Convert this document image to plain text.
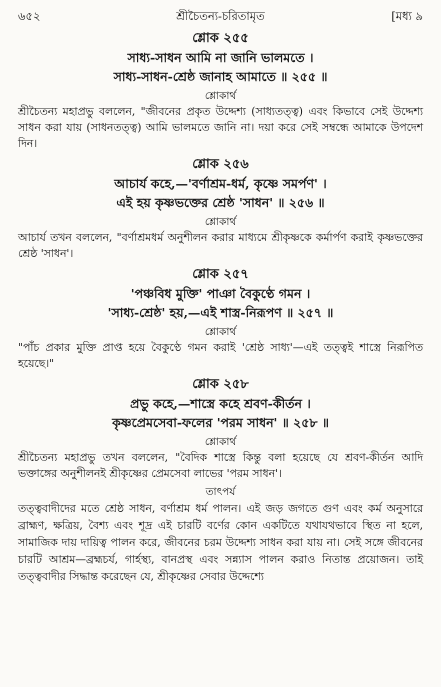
৬৫২	শ্রীচৈতন্য-চরিতামৃত	[মধ্য ৯
শ্লোক ২৫৫
সাধ্য-সাধন আমি না জানি ভালমতে ।
সাধ্য-সাধন-শ্রেষ্ঠ জানাহ আমাতে ॥ ২৫৫ ॥
শ্লোকার্থ

শ্রীচৈতন্য মহাপ্রভু বললেন, "জীবনের প্রকৃত উদ্দেশ্য (সাধ্যতত্ত্ব) এবং কিভাবে সেই উদ্দেশ্য সাধন করা যায় (সাধনতত্ত্ব) আমি ভালমতে জানি না। দয়া করে সেই সম্বন্ধে আমাকে উপদেশ দিন।

শ্লোক ২৫৬
আচার্য কহে,—'বর্ণাশ্রম-ধর্ম, কৃষ্ণে সমর্পণ' ।
এই হয় কৃষ্ণভক্তের শ্রেষ্ঠ 'সাধন' ॥ ২৫৬ ॥
শ্লোকার্থ

আচার্য তখন বললেন, "বর্ণাশ্রমধর্ম অনুশীলন করার মাধ্যমে শ্রীকৃষ্ণকে কর্মার্পণ করাই কৃষ্ণভক্তের শ্রেষ্ঠ 'সাধন'।

শ্লোক ২৫৭
'পঞ্চবিধ মুক্তি' পাঞা বৈকুণ্ঠে গমন ।
'সাধ্য-শ্রেষ্ঠ' হয়,—এই শাস্ত্র-নিরূপণ ॥ ২৫৭ ॥
শ্লোকার্থ

"পাঁচ প্রকার মুক্তি প্রাপ্ত হয়ে বৈকুণ্ঠে গমন করাই 'শ্রেষ্ঠ সাধ্য'—এই তত্ত্বই শাস্ত্রে নিরূপিত হয়েছে।"

শ্লোক ২৫৮
প্রভু কহে,—শাস্ত্রে কহে শ্রবণ-কীর্তন ।
কৃষ্ণপ্রেমসেবা-ফলের 'পরম সাধন' ॥ ২৫৮ ॥
শ্লোকার্থ

শ্রীচৈতন্য মহাপ্রভু তখন বললেন, "বৈদিক শাস্ত্রে কিন্তু বলা হয়েছে যে শ্রবণ-কীর্তন আদি ভক্তাঙ্গের অনুশীলনই শ্রীকৃষ্ণের প্রেমসেবা লাভের 'পরম সাধন'।

তাৎপর্য

তত্ত্ববাদীদের মতে শ্রেষ্ঠ সাধন, বর্ণাশ্রম ধর্ম পালন। এই জড় জগতে গুণ এবং কর্ম অনুসারে ব্রাহ্মণ, ক্ষত্রিয়, বৈশ্য এবং শূদ্র এই চারটি বর্ণের কোন একটিতে যথাযথভাবে স্থিত না হলে, সামাজিক দায় দায়িত্ব পালন করে, জীবনের চরম উদ্দেশ্য সাধন করা যায় না। সেই সঙ্গে জীবনের চারটি আশ্রম—ব্রহ্মচর্য, গার্হস্থ্য, বানপ্রস্থ এবং সন্ন্যাস পালন করাও নিতান্ত প্রয়োজন। তাই তত্ত্ববাদীর সিদ্ধান্ত করেছেন যে, শ্রীকৃষ্ণের সেবার উদ্দেশ্যে
